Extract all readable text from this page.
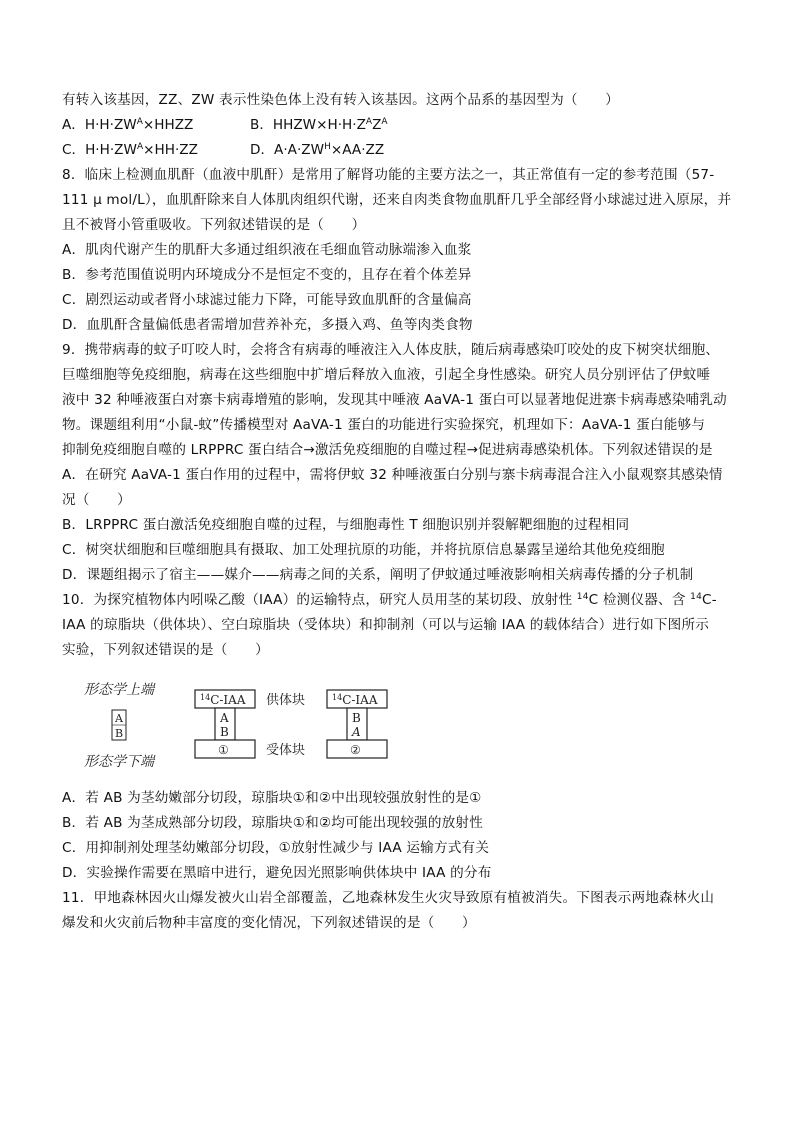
有转入该基因，ZZ、ZW 表示性染色体上没有转入该基因。这两个品系的基因型为（　　）
A．$H\cdot H\cdot ZW^A\times HHZZ$	B．$HHZW\times H\cdot H\cdot Z^AZ^A$
C．$H\cdot H\cdot ZW^A\times HH\cdot ZZ$	D．$A\cdot A\cdot ZW^H\times AA\cdot ZZ$
8．临床上检测血肌酐（血液中肌酐）是常用了解肾功能的主要方法之一，其正常值有一定的参考范围（57-
111 μ mol/L），血肌酐除来自人体肌肉组织代谢，还来自肉类食物血肌酐几乎全部经肾小球滤过进入原尿，并
且不被肾小管重吸收。下列叙述错误的是（　　）
A．肌肉代谢产生的肌酐大多通过组织液在毛细血管动脉端渗入血浆
B．参考范围值说明内环境成分不是恒定不变的，且存在着个体差异
C．剧烈运动或者肾小球滤过能力下降，可能导致血肌酐的含量偏高
D．血肌酐含量偏低患者需增加营养补充，多摄入鸡、鱼等肉类食物
9．携带病毒的蚊子叮咬人时，会将含有病毒的唾液注入人体皮肤，随后病毒感染叮咬处的皮下树突状细胞、
巨噬细胞等免疫细胞，病毒在这些细胞中扩增后释放入血液，引起全身性感染。研究人员分别评估了伊蚊唾
液中 32 种唾液蛋白对寨卡病毒增殖的影响，发现其中唾液 AaVA-1 蛋白可以显著地促进寨卡病毒感染哺乳动
物。课题组利用“小鼠-蚊”传播模型对 AaVA-1 蛋白的功能进行实验探究，机理如下：AaVA-1 蛋白能够与
抑制免疫细胞自噬的 LRPPRC 蛋白结合→激活免疫细胞的自噬过程→促进病毒感染机体。下列叙述错误的是
A．在研究 AaVA-1 蛋白作用的过程中，需将伊蚊 32 种唾液蛋白分别与寨卡病毒混合注入小鼠观察其感染情
况（　　）
B．LRPPRC 蛋白激活免疫细胞自噬的过程，与细胞毒性 T 细胞识别并裂解靶细胞的过程相同
C．树突状细胞和巨噬细胞具有摄取、加工处理抗原的功能，并将抗原信息暴露呈递给其他免疫细胞
D．课题组揭示了宿主——媒介——病毒之间的关系，阐明了伊蚊通过唾液影响相关病毒传播的分子机制
10．为探究植物体内吲哚乙酸（IAA）的运输特点，研究人员用茎的某切段、放射性 $^{14}$C 检测仪器、含 $^{14}$C-
IAA 的琼脂块（供体块）、空白琼脂块（受体块）和抑制剂（可以与运输 IAA 的载体结合）进行如下图所示
实验，下列叙述错误的是（　　）
形态学上端
形态学下端
A
B
$^{14}$C-IAA
A
B
①
供体块
受体块
$^{14}$C-IAA
B
A
②
A．若 AB 为茎幼嫩部分切段，琼脂块①和②中出现较强放射性的是①
B．若 AB 为茎成熟部分切段，琼脂块①和②均可能出现较强的放射性
C．用抑制剂处理茎幼嫩部分切段，①放射性减少与 IAA 运输方式有关
D．实验操作需要在黑暗中进行，避免因光照影响供体块中 IAA 的分布
11．甲地森林因火山爆发被火山岩全部覆盖，乙地森林发生火灾导致原有植被消失。下图表示两地森林火山
爆发和火灾前后物种丰富度的变化情况，下列叙述错误的是（　　）
